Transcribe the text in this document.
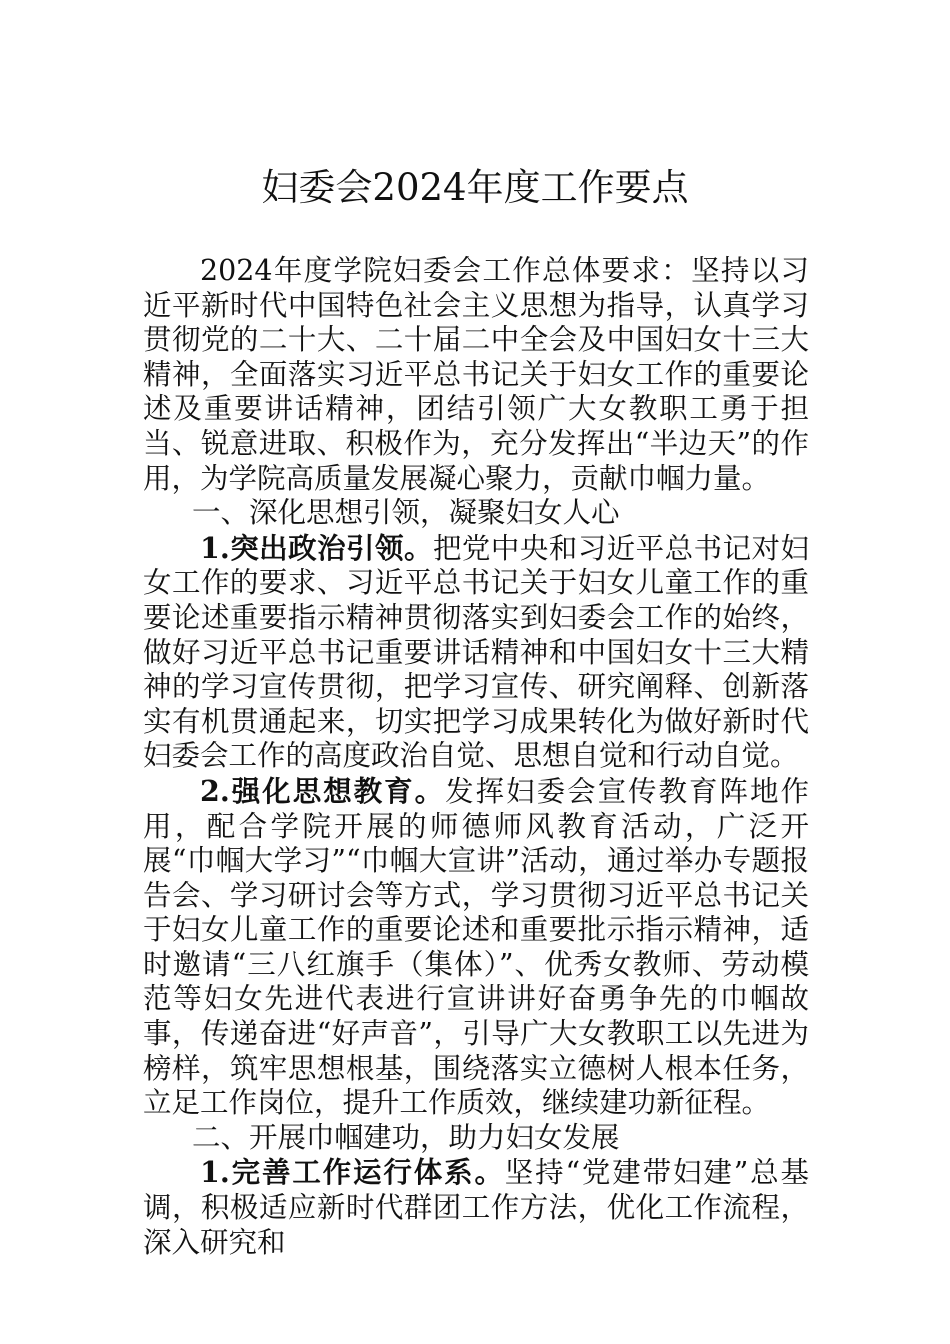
妇委会2024年度工作要点

2024年度学院妇委会工作总体要求：坚持以习近平新时代中国特色社会主义思想为指导，认真学习贯彻党的二十大、二十届二中全会及中国妇女十三大精神，全面落实习近平总书记关于妇女工作的重要论述及重要讲话精神，团结引领广大女教职工勇于担当、锐意进取、积极作为，充分发挥出“半边天”的作用，为学院高质量发展凝心聚力，贡献巾帼力量。

一、深化思想引领，凝聚妇女人心

1.突出政治引领。把党中央和习近平总书记对妇女工作的要求、习近平总书记关于妇女儿童工作的重要论述重要指示精神贯彻落实到妇委会工作的始终，做好习近平总书记重要讲话精神和中国妇女十三大精神的学习宣传贯彻，把学习宣传、研究阐释、创新落实有机贯通起来，切实把学习成果转化为做好新时代妇委会工作的高度政治自觉、思想自觉和行动自觉。

2.强化思想教育。发挥妇委会宣传教育阵地作用，配合学院开展的师德师风教育活动，广泛开展“巾帼大学习”“巾帼大宣讲”活动，通过举办专题报告会、学习研讨会等方式，学习贯彻习近平总书记关于妇女儿童工作的重要论述和重要批示指示精神，适时邀请“三八红旗手（集体）”、优秀女教师、劳动模范等妇女先进代表进行宣讲讲好奋勇争先的巾帼故事，传递奋进“好声音”，引导广大女教职工以先进为榜样，筑牢思想根基，围绕落实立德树人根本任务，立足工作岗位，提升工作质效，继续建功新征程。

二、开展巾帼建功，助力妇女发展

1.完善工作运行体系。坚持“党建带妇建”总基调，积极适应新时代群团工作方法，优化工作流程，深入研究和
